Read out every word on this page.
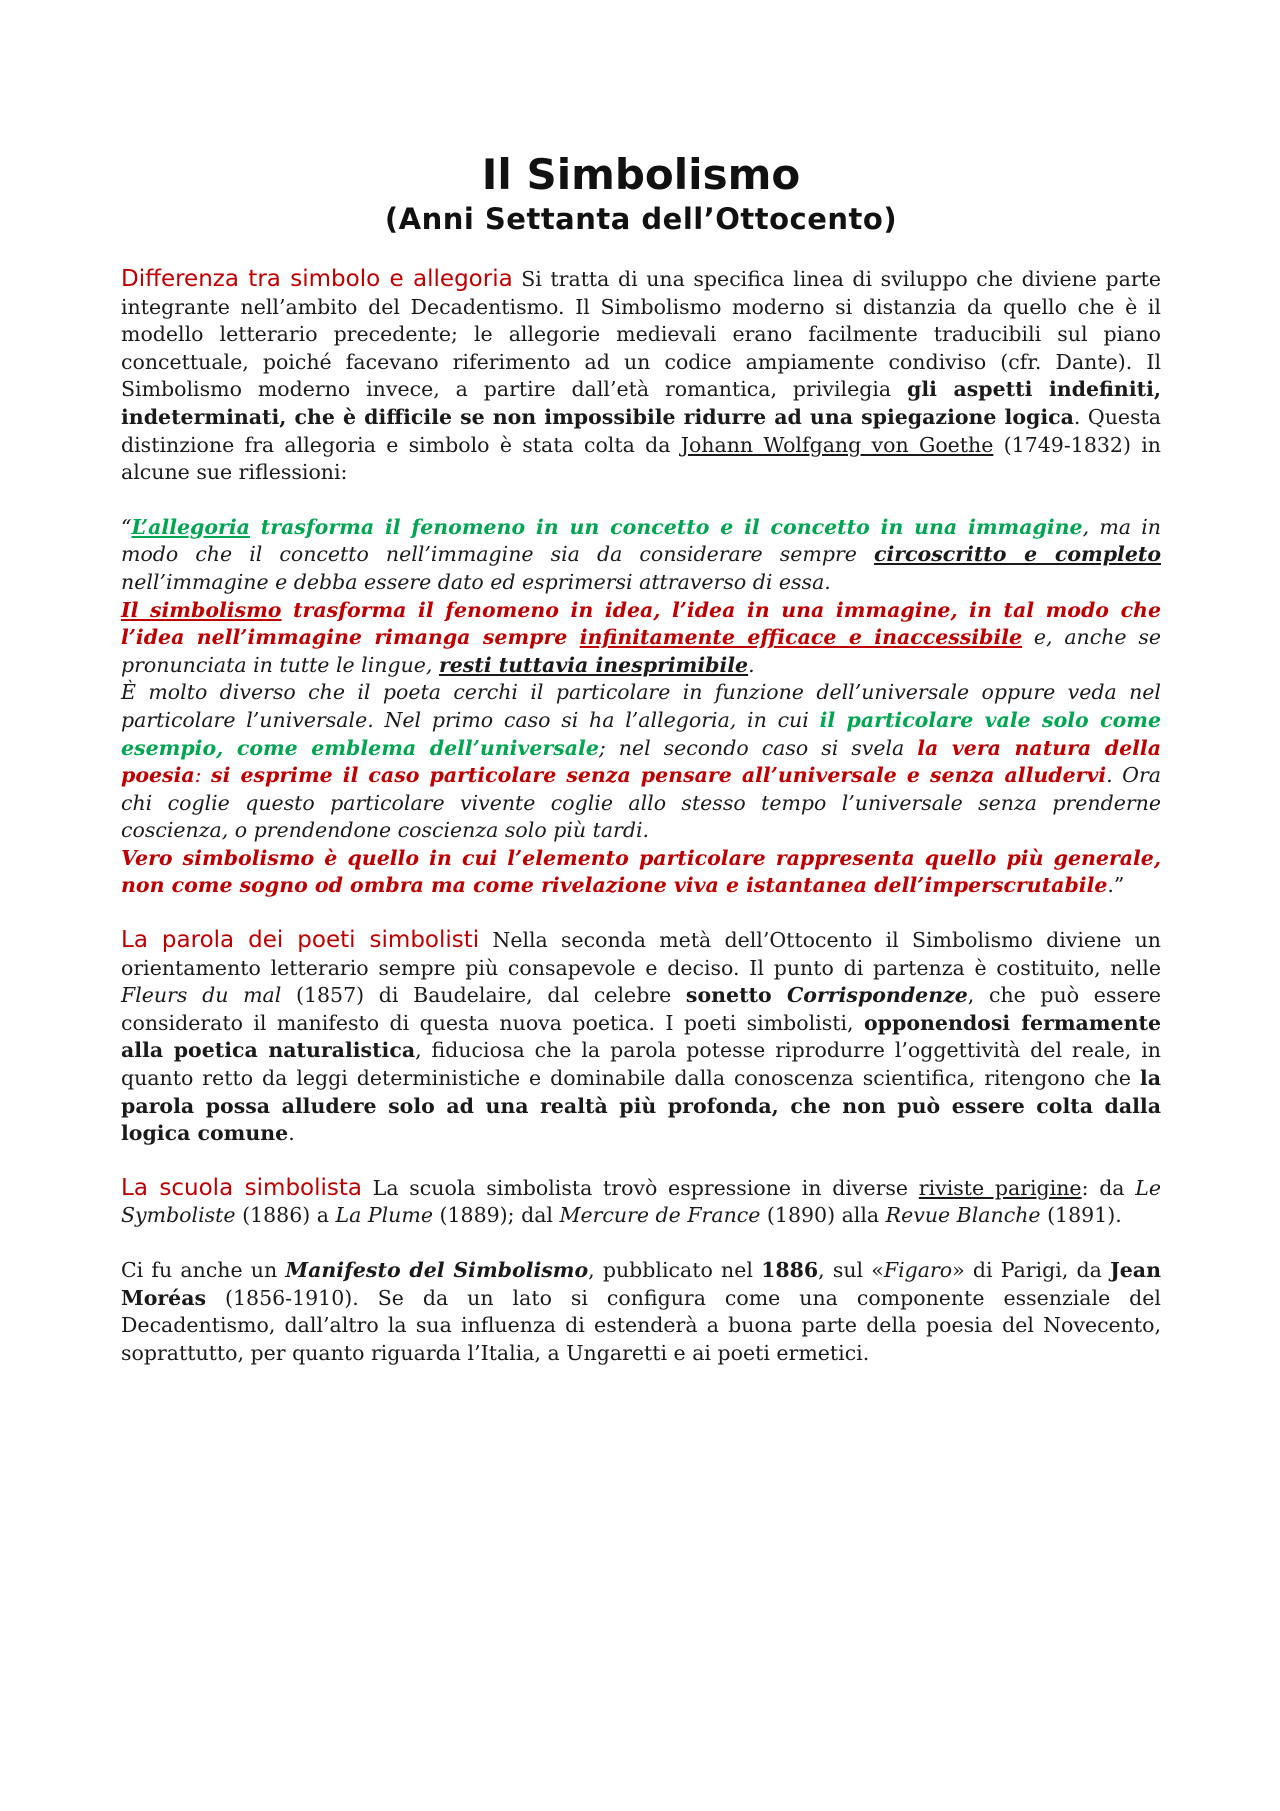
Il Simbolismo
(Anni Settanta dell’Ottocento)

Differenza tra simbolo e allegoria Si tratta di una specifica linea di sviluppo che diviene parte integrante nell’ambito del Decadentismo. Il Simbolismo moderno si distanzia da quello che è il modello letterario precedente; le allegorie medievali erano facilmente traducibili sul piano concettuale, poiché facevano riferimento ad un codice ampiamente condiviso (cfr. Dante). Il Simbolismo moderno invece, a partire dall’età romantica, privilegia gli aspetti indefiniti, indeterminati, che è difficile se non impossibile ridurre ad una spiegazione logica. Questa distinzione fra allegoria e simbolo è stata colta da Johann Wolfgang von Goethe (1749-1832) in alcune sue riflessioni:

“L’allegoria trasforma il fenomeno in un concetto e il concetto in una immagine, ma in modo che il concetto nell’immagine sia da considerare sempre circoscritto e completo nell’immagine e debba essere dato ed esprimersi attraverso di essa.

Il simbolismo trasforma il fenomeno in idea, l’idea in una immagine, in tal modo che l’idea nell’immagine rimanga sempre infinitamente efficace e inaccessibile e, anche se pronunciata in tutte le lingue, resti tuttavia inesprimibile.

È molto diverso che il poeta cerchi il particolare in funzione dell’universale oppure veda nel particolare l’universale. Nel primo caso si ha l’allegoria, in cui il particolare vale solo come esempio, come emblema dell’universale; nel secondo caso si svela la vera natura della poesia: si esprime il caso particolare senza pensare all’universale e senza alludervi. Ora chi coglie questo particolare vivente coglie allo stesso tempo l’universale senza prenderne coscienza, o prendendone coscienza solo più tardi.

Vero simbolismo è quello in cui l’elemento particolare rappresenta quello più generale, non come sogno od ombra ma come rivelazione viva e istantanea dell’imperscrutabile.”

La parola dei poeti simbolisti Nella seconda metà dell’Ottocento il Simbolismo diviene un orientamento letterario sempre più consapevole e deciso. Il punto di partenza è costituito, nelle Fleurs du mal (1857) di Baudelaire, dal celebre sonetto Corrispondenze, che può essere considerato il manifesto di questa nuova poetica. I poeti simbolisti, opponendosi fermamente alla poetica naturalistica, fiduciosa che la parola potesse riprodurre l’oggettività del reale, in quanto retto da leggi deterministiche e dominabile dalla conoscenza scientifica, ritengono che la parola possa alludere solo ad una realtà più profonda, che non può essere colta dalla logica comune.

La scuola simbolista La scuola simbolista trovò espressione in diverse riviste parigine: da Le Symboliste (1886) a La Plume (1889); dal Mercure de France (1890) alla Revue Blanche (1891).

Ci fu anche un Manifesto del Simbolismo, pubblicato nel 1886, sul «Figaro» di Parigi, da Jean Moréas (1856-1910). Se da un lato si configura come una componente essenziale del Decadentismo, dall’altro la sua influenza di estenderà a buona parte della poesia del Novecento, soprattutto, per quanto riguarda l’Italia, a Ungaretti e ai poeti ermetici.
